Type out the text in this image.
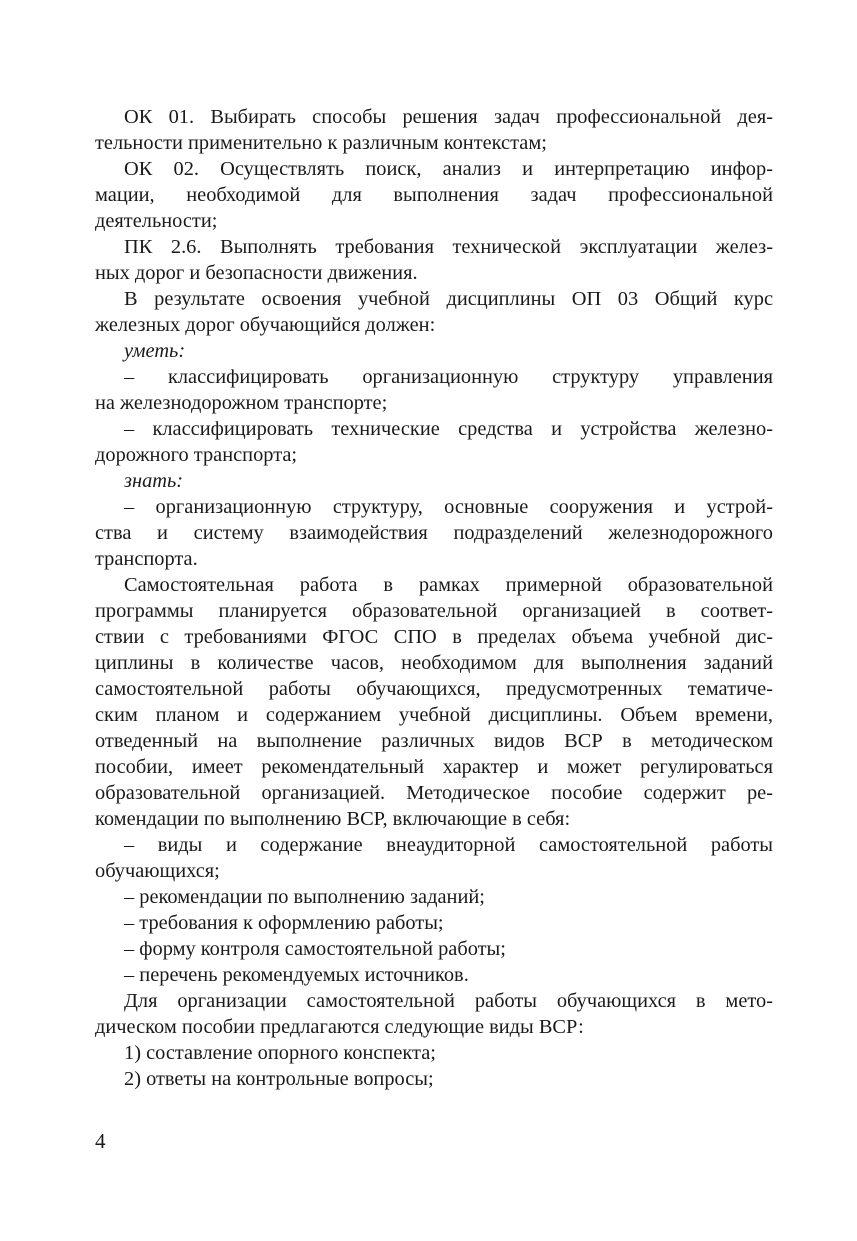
ОК 01. Выбирать способы решения задач профессиональной дея-
тельности применительно к различным контекстам;
ОК 02. Осуществлять поиск, анализ и интерпретацию инфор-
мации, необходимой для выполнения задач профессиональной
деятельности;
ПК 2.6. Выполнять требования технической эксплуатации желез-
ных дорог и безопасности движения.
В результате освоения учебной дисциплины ОП 03 Общий курс
железных дорог обучающийся должен:
уметь:
– классифицировать организационную структуру управления
на железнодорожном транспорте;
– классифицировать технические средства и устройства железно-
дорожного транспорта;
знать:
– организационную структуру, основные сооружения и устрой-
ства и систему взаимодействия подразделений железнодорожного
транспорта.
Самостоятельная работа в рамках примерной образовательной
программы планируется образовательной организацией в соответ-
ствии с требованиями ФГОС СПО в пределах объема учебной дис-
циплины в количестве часов, необходимом для выполнения заданий
самостоятельной работы обучающихся, предусмотренных тематиче-
ским планом и содержанием учебной дисциплины. Объем времени,
отведенный на выполнение различных видов ВСР в методическом
пособии, имеет рекомендательный характер и может регулироваться
образовательной организацией. Методическое пособие содержит ре-
комендации по выполнению ВСР, включающие в себя:
– виды и содержание внеаудиторной самостоятельной работы
обучающихся;
– рекомендации по выполнению заданий;
– требования к оформлению работы;
– форму контроля самостоятельной работы;
– перечень рекомендуемых источников.
Для организации самостоятельной работы обучающихся в мето-
дическом пособии предлагаются следующие виды ВСР:
1) составление опорного конспекта;
2) ответы на контрольные вопросы;
4
